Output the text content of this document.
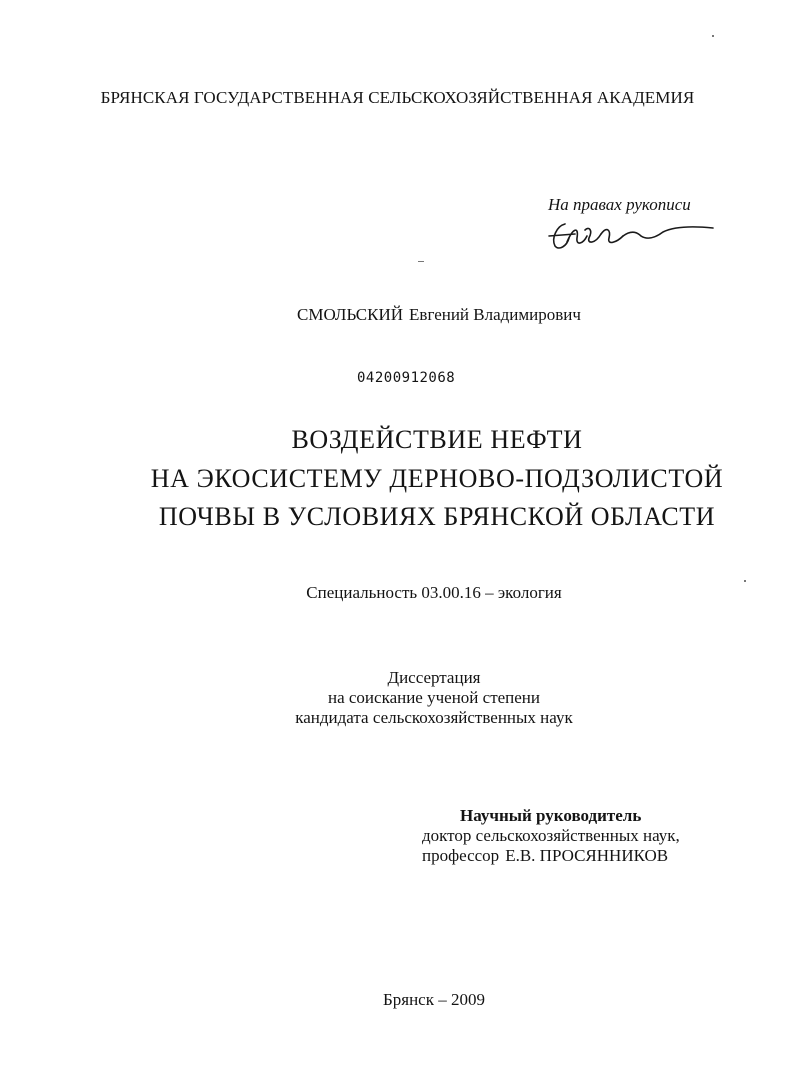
БРЯНСКАЯ ГОСУДАРСТВЕННАЯ СЕЛЬСКОХОЗЯЙСТВЕННАЯ АКАДЕМИЯ
На правах рукописи
СМОЛЬСКИЙ Евгений Владимирович
04200912068
ВОЗДЕЙСТВИЕ НЕФТИ
НА ЭКОСИСТЕМУ ДЕРНОВО-ПОДЗОЛИСТОЙ
ПОЧВЫ В УСЛОВИЯХ БРЯНСКОЙ ОБЛАСТИ
Специальность 03.00.16 – экология
Диссертация
на соискание ученой степени
кандидата сельскохозяйственных наук
Научный руководитель
доктор сельскохозяйственных наук,
профессор Е.В. ПРОСЯННИКОВ
Брянск – 2009
